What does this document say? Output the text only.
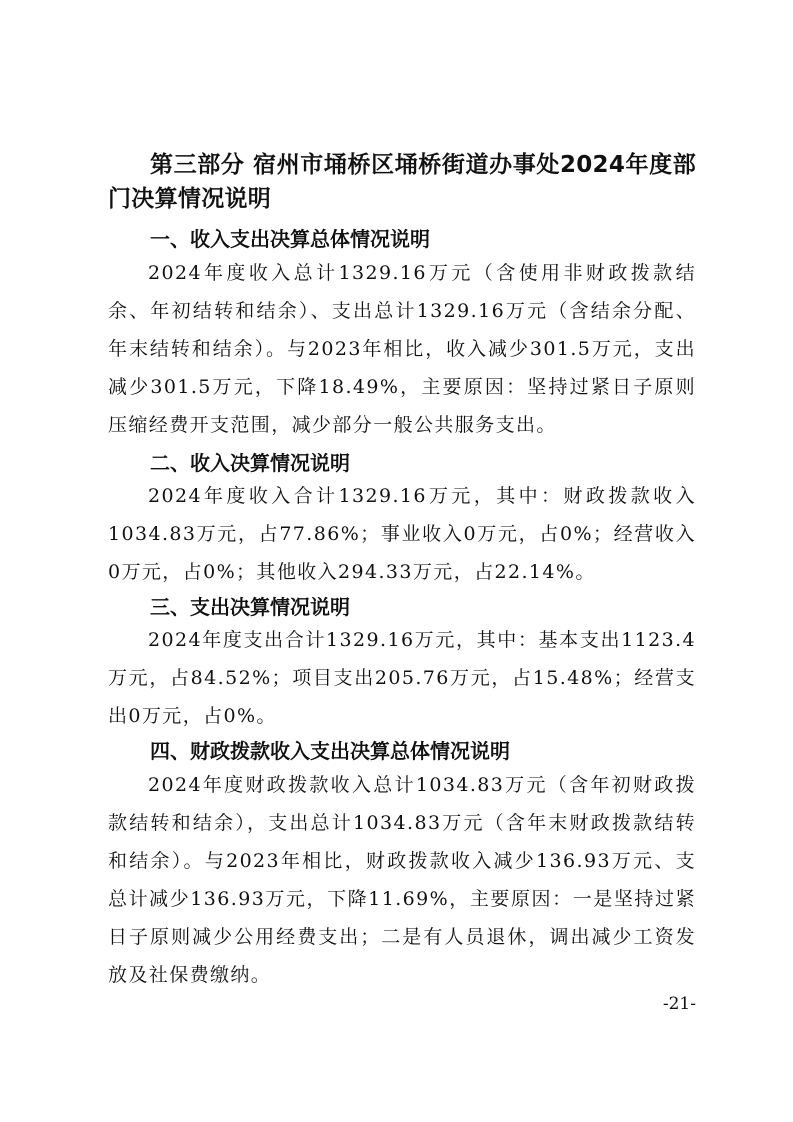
第三部分 宿州市埇桥区埇桥街道办事处2024年度部门决算情况说明
一、收入支出决算总体情况说明
2024年度收入总计1329.16万元（含使用非财政拨款结余、年初结转和结余）、支出总计1329.16万元（含结余分配、年末结转和结余）。与2023年相比，收入减少301.5万元，支出减少301.5万元，下降18.49%，主要原因：坚持过紧日子原则压缩经费开支范围，减少部分一般公共服务支出。
二、收入决算情况说明
2024年度收入合计1329.16万元，其中：财政拨款收入1034.83万元，占77.86%；事业收入0万元，占0%；经营收入0万元，占0%；其他收入294.33万元，占22.14%。
三、支出决算情况说明
2024年度支出合计1329.16万元，其中：基本支出1123.4万元，占84.52%；项目支出205.76万元，占15.48%；经营支出0万元，占0%。
四、财政拨款收入支出决算总体情况说明
2024年度财政拨款收入总计1034.83万元（含年初财政拨款结转和结余），支出总计1034.83万元（含年末财政拨款结转和结余）。与2023年相比，财政拨款收入减少136.93万元、支总计减少136.93万元，下降11.69%，主要原因：一是坚持过紧日子原则减少公用经费支出；二是有人员退休，调出减少工资发放及社保费缴纳。
-21-
